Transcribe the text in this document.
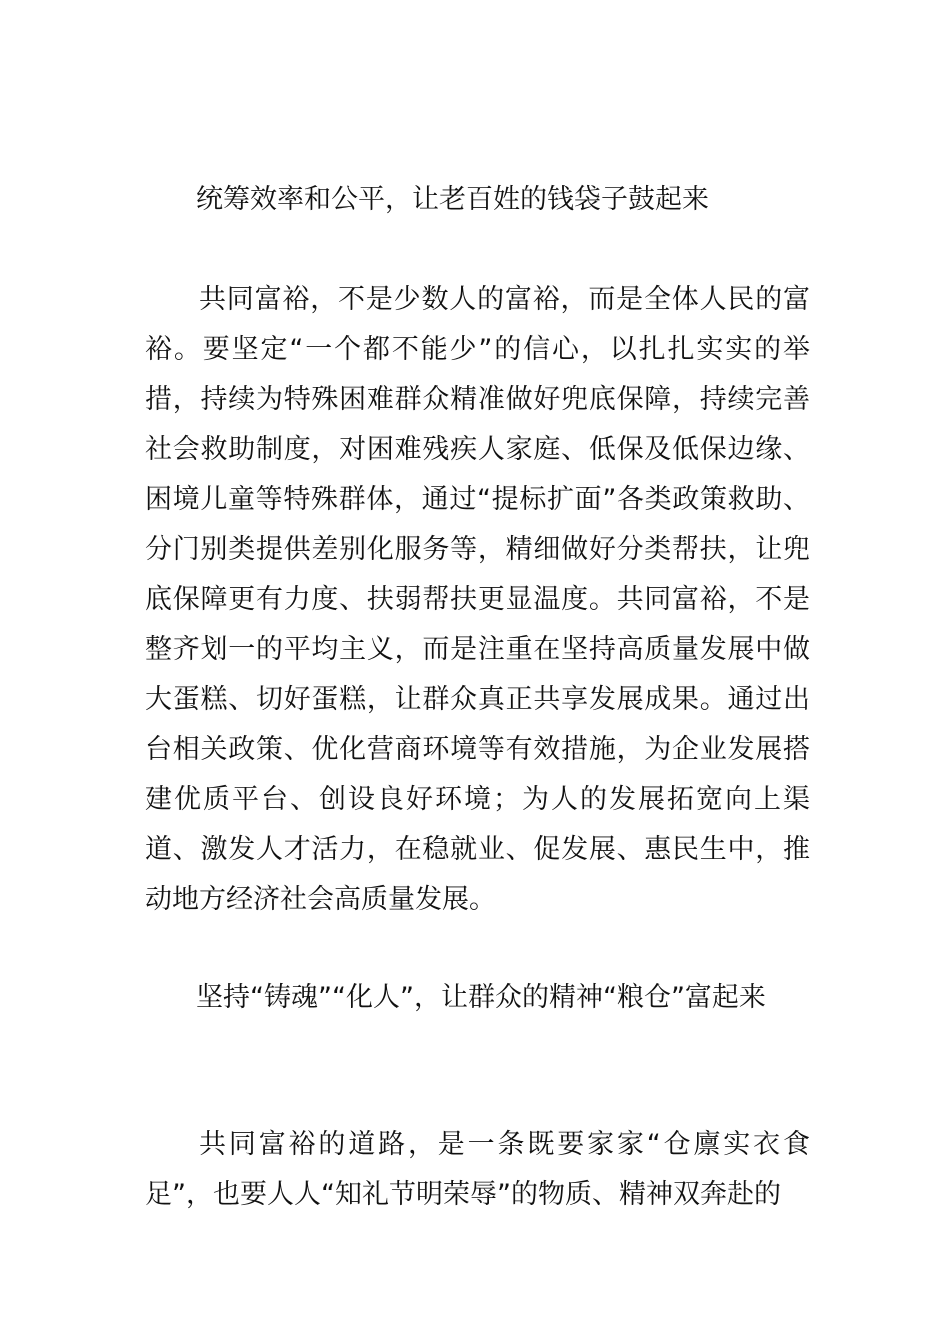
统筹效率和公平，让老百姓的钱袋子鼓起来

共同富裕，不是少数人的富裕，而是全体人民的富裕。要坚定“一个都不能少”的信心，以扎扎实实的举措，持续为特殊困难群众精准做好兜底保障，持续完善社会救助制度，对困难残疾人家庭、低保及低保边缘、困境儿童等特殊群体，通过“提标扩面”各类政策救助、分门别类提供差别化服务等，精细做好分类帮扶，让兜底保障更有力度、扶弱帮扶更显温度。共同富裕，不是整齐划一的平均主义，而是注重在坚持高质量发展中做大蛋糕、切好蛋糕，让群众真正共享发展成果。通过出台相关政策、优化营商环境等有效措施，为企业发展搭建优质平台、创设良好环境；为人的发展拓宽向上渠道、激发人才活力，在稳就业、促发展、惠民生中，推动地方经济社会高质量发展。

坚持“铸魂”“化人”，让群众的精神“粮仓”富起来

共同富裕的道路，是一条既要家家“仓廪实衣食足”，也要人人“知礼节明荣辱”的物质、精神双奔赴的
